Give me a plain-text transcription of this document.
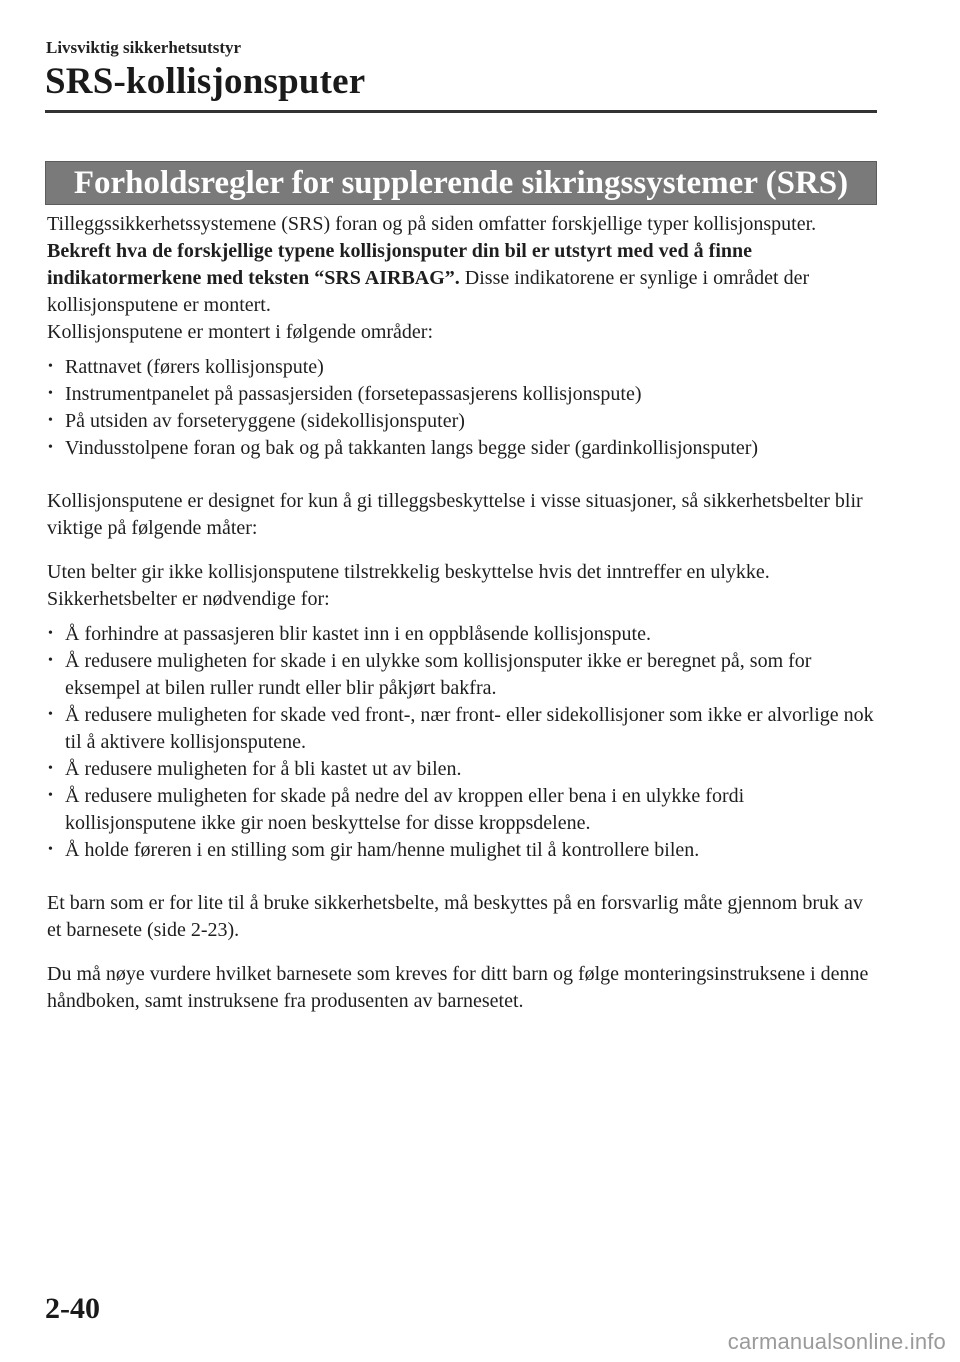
Livsviktig sikkerhetsutstyr
SRS-kollisjonsputer
Forholdsregler for supplerende sikringssystemer (SRS)

Tilleggssikkerhetssystemene (SRS) foran og på siden omfatter forskjellige typer kollisjonsputer. Bekreft hva de forskjellige typene kollisjonsputer din bil er utstyrt med ved å finne indikatormerkene med teksten “SRS AIRBAG”. Disse indikatorene er synlige i området der kollisjonsputene er montert.

Kollisjonsputene er montert i følgende områder:

• Rattnavet (førers kollisjonspute)
• Instrumentpanelet på passasjersiden (forsetepassasjerens kollisjonspute)
• På utsiden av forseteryggene (sidekollisjonsputer)
• Vindusstolpene foran og bak og på takkanten langs begge sider (gardinkollisjonsputer)

Kollisjonsputene er designet for kun å gi tilleggsbeskyttelse i visse situasjoner, så sikkerhetsbelter blir viktige på følgende måter:

Uten belter gir ikke kollisjonsputene tilstrekkelig beskyttelse hvis det inntreffer en ulykke. Sikkerhetsbelter er nødvendige for:

• Å forhindre at passasjeren blir kastet inn i en oppblåsende kollisjonspute.
• Å redusere muligheten for skade i en ulykke som kollisjonsputer ikke er beregnet på, som for eksempel at bilen ruller rundt eller blir påkjørt bakfra.
• Å redusere muligheten for skade ved front-, nær front- eller sidekollisjoner som ikke er alvorlige nok til å aktivere kollisjonsputene.
• Å redusere muligheten for å bli kastet ut av bilen.
• Å redusere muligheten for skade på nedre del av kroppen eller bena i en ulykke fordi kollisjonsputene ikke gir noen beskyttelse for disse kroppsdelene.
• Å holde føreren i en stilling som gir ham/henne mulighet til å kontrollere bilen.

Et barn som er for lite til å bruke sikkerhetsbelte, må beskyttes på en forsvarlig måte gjennom bruk av et barnesete (side 2-23).

Du må nøye vurdere hvilket barnesete som kreves for ditt barn og følge monteringsinstruksene i denne håndboken, samt instruksene fra produsenten av barnesetet.

2-40
carmanualsonline.info
